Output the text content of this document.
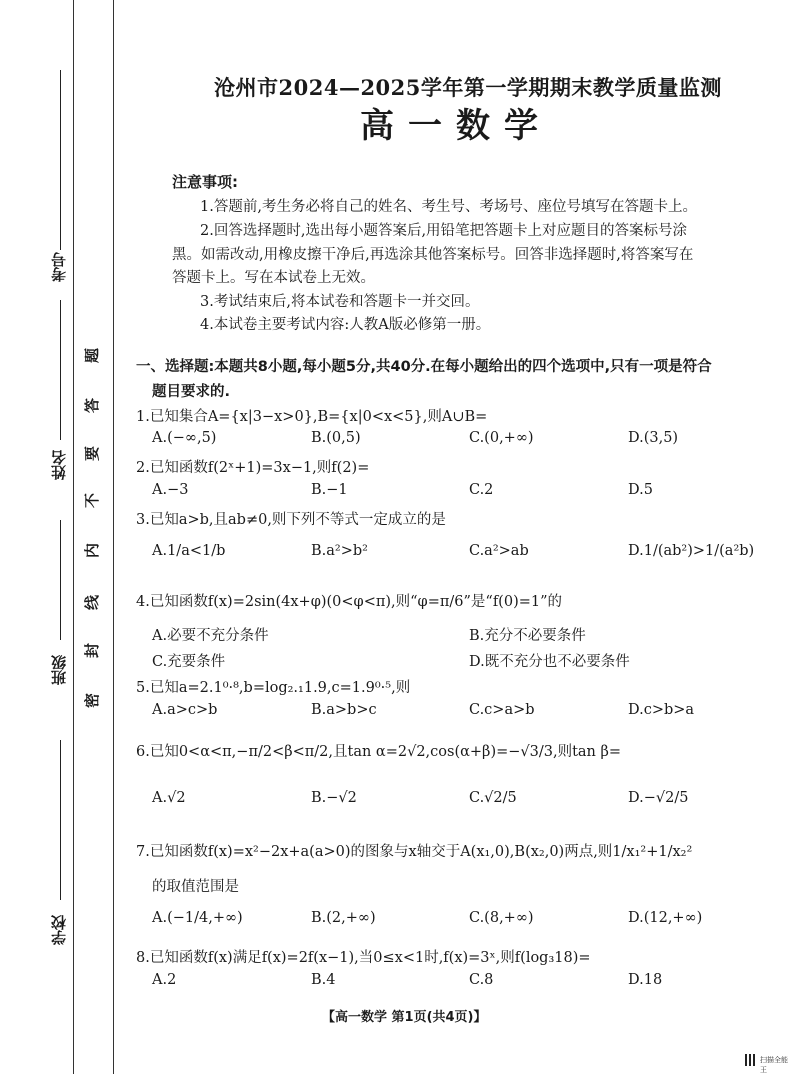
考号
姓名
班级
学校
题
答
要
不
内
线
封
密
沧州市2024—2025学年第一学期期末教学质量监测
高一数学
注意事项:
1.答题前,考生务必将自己的姓名、考生号、考场号、座位号填写在答题卡上。
2.回答选择题时,选出每小题答案后,用铅笔把答题卡上对应题目的答案标号涂
黑。如需改动,用橡皮擦干净后,再选涂其他答案标号。回答非选择题时,将答案写在
答题卡上。写在本试卷上无效。
3.考试结束后,将本试卷和答题卡一并交回。
4.本试卷主要考试内容:人教A版必修第一册。
一、选择题:本题共8小题,每小题5分,共40分.在每小题给出的四个选项中,只有一项是符合
题目要求的.
1.已知集合A={x|3−x>0},B={x|0<x<5},则A∪B=
A.(−∞,5)	B.(0,5)	C.(0,+∞)	D.(3,5)
2.已知函数f(2ˣ+1)=3x−1,则f(2)=
A.−3	B.−1	C.2	D.5
3.已知a>b,且ab≠0,则下列不等式一定成立的是
A.1/a<1/b	B.a²>b²	C.a²>ab	D.1/(ab²)>1/(a²b)
4.已知函数f(x)=2sin(4x+φ)(0<φ<π),则“φ=π/6”是“f(0)=1”的
A.必要不充分条件	B.充分不必要条件
C.充要条件	D.既不充分也不必要条件
5.已知a=2.1⁰·⁸,b=log₂.₁1.9,c=1.9⁰·⁵,则
A.a>c>b	B.a>b>c	C.c>a>b	D.c>b>a
6.已知0<α<π,−π/2<β<π/2,且tan α=2√2,cos(α+β)=−√3/3,则tan β=
A.√2	B.−√2	C.√2/5	D.−√2/5
7.已知函数f(x)=x²−2x+a(a>0)的图象与x轴交于A(x₁,0),B(x₂,0)两点,则1/x₁²+1/x₂²
的取值范围是
A.(−1/4,+∞)	B.(2,+∞)	C.(8,+∞)	D.(12,+∞)
8.已知函数f(x)满足f(x)=2f(x−1),当0≤x<1时,f(x)=3ˣ,则f(log₃18)=
A.2	B.4	C.8	D.18
【高一数学 第1页(共4页)】
扫描全能王
